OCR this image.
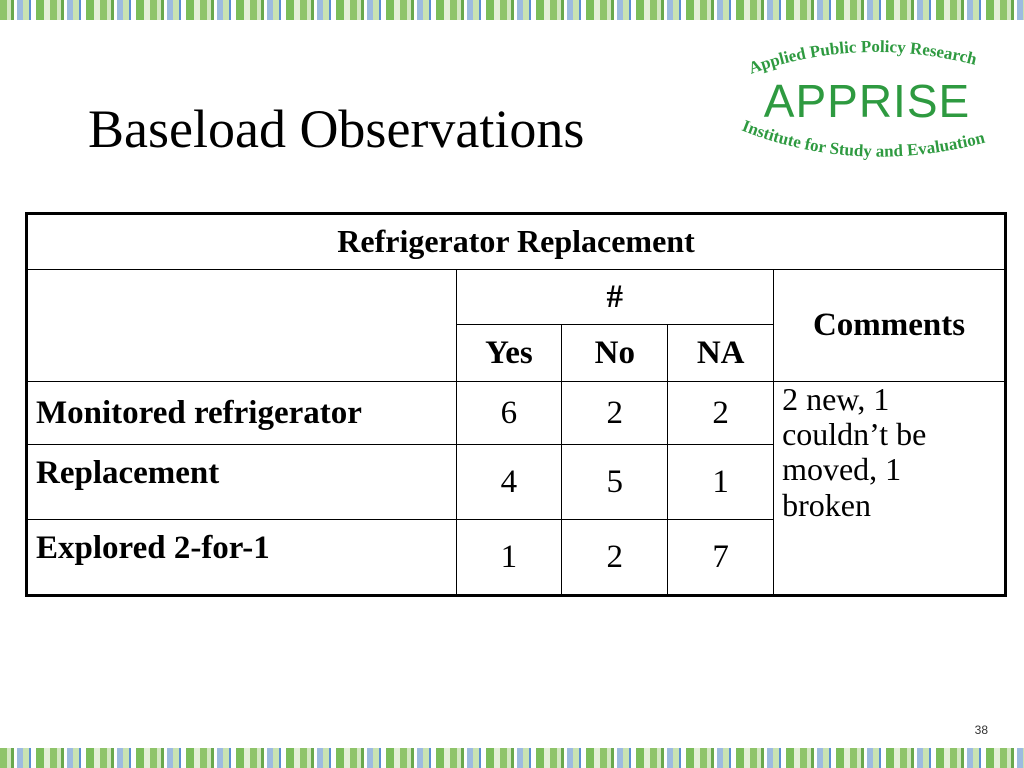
Baseload Observations
Applied Public Policy Research
Institute for Study and Evaluation
APPRISE
Refrigerator Replacement				
	#			Comments
	Yes	No	NA	
Monitored refrigerator	6	2	2	2 new, 1
couldn’t be
moved, 1
broken

Replacement	4	5	1	
Explored 2-for-1	1	2	7	
38
